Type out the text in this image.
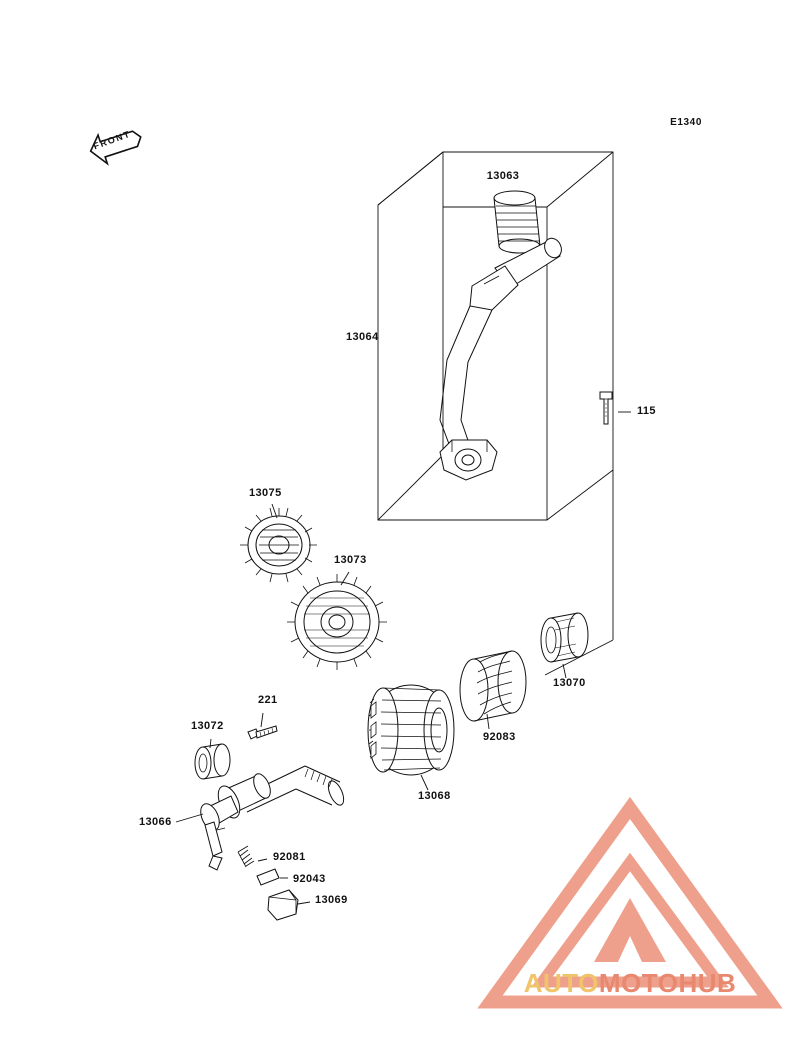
E1340
FRONT
13063
13064
115
13075
13073
13070
92083
13068
221
13072
13066
92081
92043
13069
AUTOMOTOHUB
